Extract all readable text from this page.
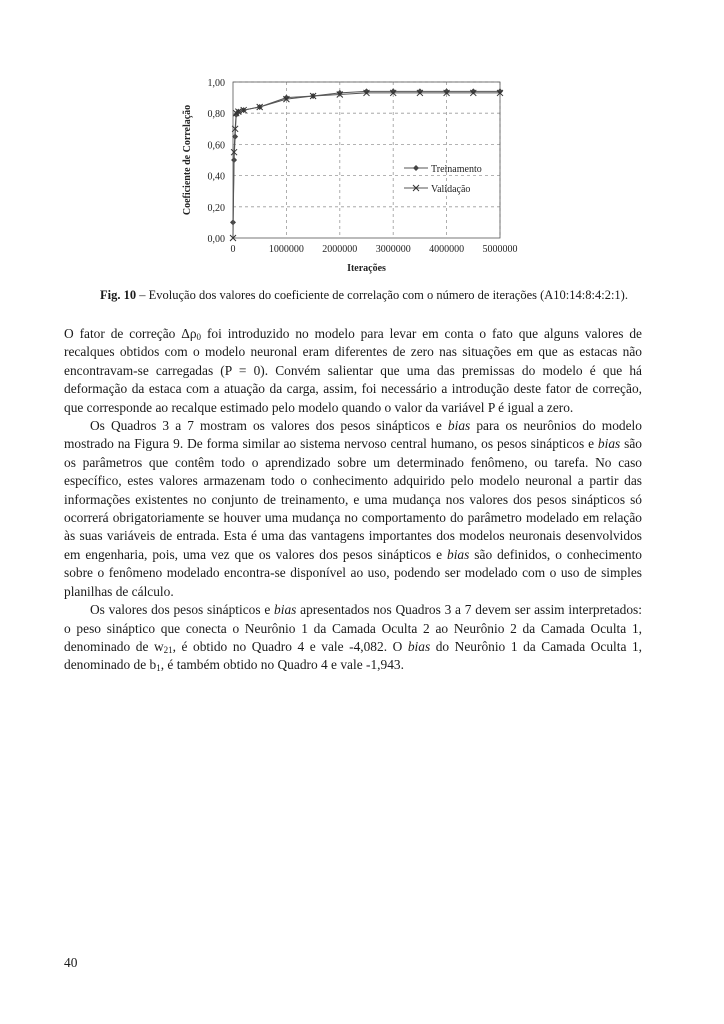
0,00
0,20
0,40
0,60
0,80
1,00
0	1000000 2000000 3000000 4000000 5000000
Iterações
Coeficiente de Correlação	Treinamento
Validação
Fig. 10 – Evolução dos valores do coeficiente de correlação com o número de iterações (A10:14:8:4:2:1).

O fator de correção $\Delta\rho_0$ foi introduzido no modelo para levar em conta o fato que alguns valores de recalques obtidos com o modelo neuronal eram diferentes de zero nas situações em que as estacas não encontravam-se carregadas (P = 0). Convém salientar que uma das premissas do modelo é que há deformação da estaca com a atuação da carga, assim, foi necessário a introdução deste fator de correção, que corresponde ao recalque estimado pelo modelo quando o valor da variável P é igual a zero.

Os Quadros 3 a 7 mostram os valores dos pesos sinápticos e bias para os neurônios do modelo mostrado na Figura 9. De forma similar ao sistema nervoso central humano, os pesos sinápticos e bias são os parâmetros que contêm todo o aprendizado sobre um determinado fenômeno, ou tarefa. No caso específico, estes valores armazenam todo o conhecimento adquirido pelo modelo neuronal a partir das informações existentes no conjunto de treinamento, e uma mudança nos valores dos pesos sinápticos só ocorrerá obrigatoriamente se houver uma mudança no comportamento do parâmetro modelado em relação às suas variáveis de entrada. Esta é uma das vantagens importantes dos modelos neuronais desenvolvidos em engenharia, pois, uma vez que os valores dos pesos sinápticos e bias são definidos, o conhecimento sobre o fenômeno modelado encontra-se disponível ao uso, podendo ser modelado com o uso de simples planilhas de cálculo.

Os valores dos pesos sinápticos e bias apresentados nos Quadros 3 a 7 devem ser assim interpretados: o peso sináptico que conecta o Neurônio 1 da Camada Oculta 2 ao Neurônio 2 da Camada Oculta 1, denominado de $w_{21}$, é obtido no Quadro 4 e vale -4,082. O bias do Neurônio 1 da Camada Oculta 1, denominado de $b_1$, é também obtido no Quadro 4 e vale -1,943.

40
